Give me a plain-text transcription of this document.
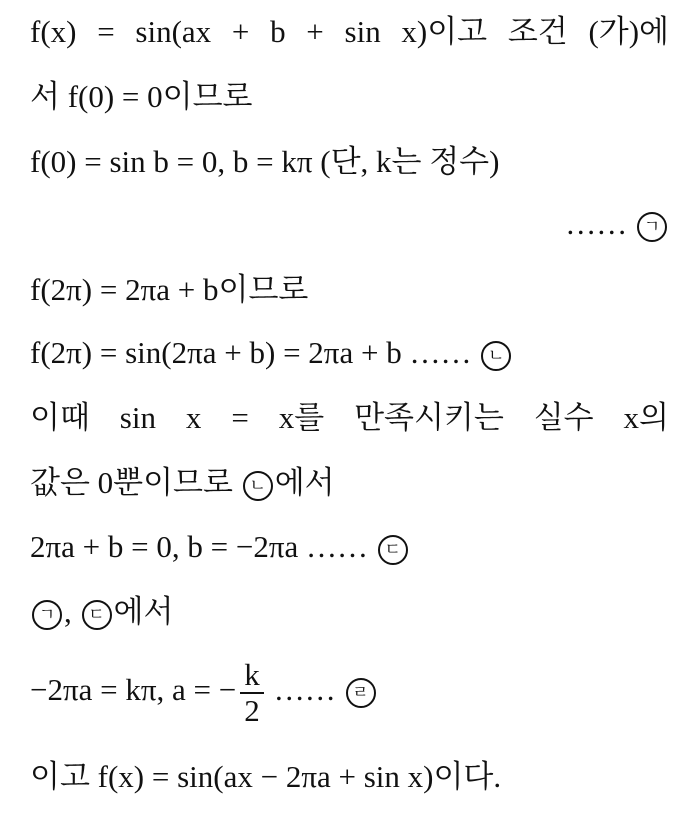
f(x) = sin(ax + b + sin x)이고 조건 (가)에
서 f(0) = 0이므로
f(0) = sin b = 0, b = kπ (단, k는 정수)
…… ㄱ
f(2π) = 2πa + b이므로
f(2π) = sin(2πa + b) = 2πa + b …… ㄴ
이때 sin x = x를 만족시키는 실수 x의
값은 0뿐이므로 ㄴ 에서
2πa + b = 0, b = −2πa …… ㄷ
ㄱ , ㄷ 에서
−2πa = kπ, a = − $\frac{k}{2}$ …… ㄹ
이고 f(x) = sin(ax − 2πa + sin x)이다.
